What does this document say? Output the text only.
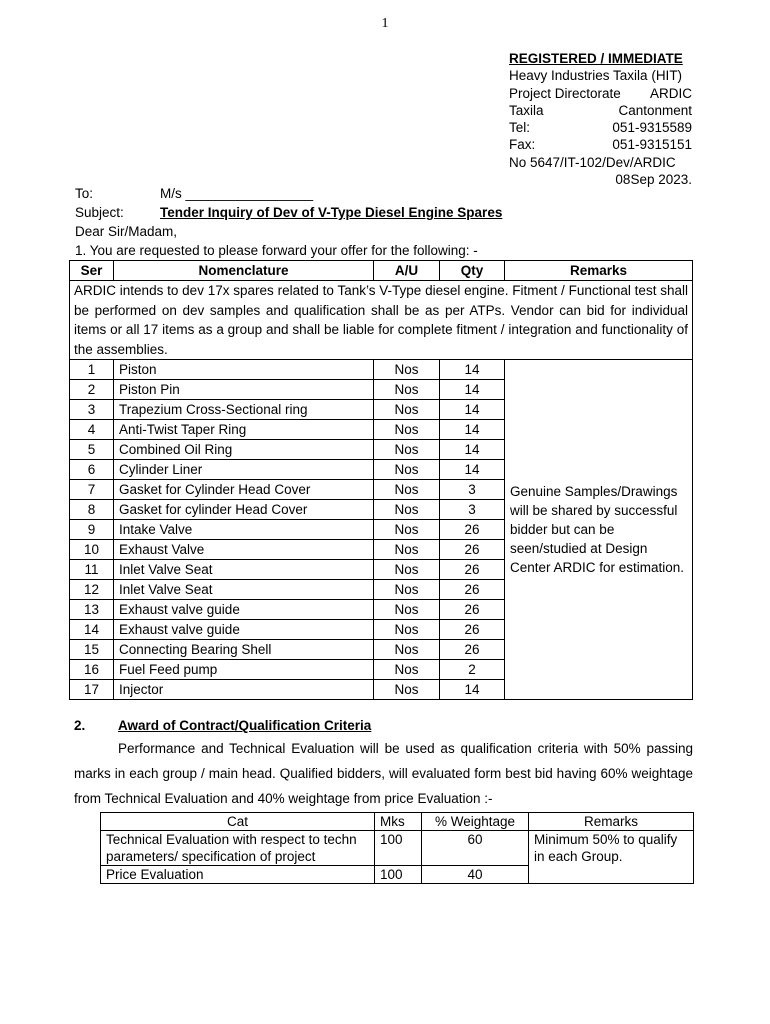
1
REGISTERED / IMMEDIATE
Heavy Industries Taxila (HIT)
Project Directorate ARDIC
Taxila	Cantonment
Tel:	051-9315589
Fax:	051-9315151
No 5647/IT-102/Dev/ARDIC
08Sep 2023.
To:	M/s _________________
Subject:	Tender Inquiry of Dev of V-Type Diesel Engine Spares
Dear Sir/Madam,
1. You are requested to please forward your offer for the following: -
Ser	Nomenclature	A/U	Qty	Remarks
ARDIC intends to dev 17x spares related to Tank’s V-Type diesel engine. Fitment / Functional test shall be performed on dev samples and qualification shall be as per ATPs. Vendor can bid for individual items or all 17 items as a group and shall be liable for complete fitment / integration and functionality of the assemblies.				
1	Piston	Nos	14	Genuine Samples/Drawings will be shared by successful bidder but can be seen/studied at Design Center ARDIC for estimation.
2	Piston Pin	Nos	14	
3	Trapezium Cross-Sectional ring	Nos	14	
4	Anti-Twist Taper Ring	Nos	14	
5	Combined Oil Ring	Nos	14	
6	Cylinder Liner	Nos	14	
7	Gasket for Cylinder Head Cover	Nos	3	
8	Gasket for cylinder Head Cover	Nos	3	
9	Intake Valve	Nos	26	
10	Exhaust Valve	Nos	26	
11	Inlet Valve Seat	Nos	26	
12	Inlet Valve Seat	Nos	26	
13	Exhaust valve guide	Nos	26	
14	Exhaust valve guide	Nos	26	
15	Connecting Bearing Shell	Nos	26	
16	Fuel Feed pump	Nos	2	
17	Injector	Nos	14	
2. Award of Contract/Qualification Criteria
Performance and Technical Evaluation will be used as qualification criteria with 50% passing marks in each group / main head. Qualified bidders, will evaluated form best bid having 60% weightage from Technical Evaluation and 40% weightage from price Evaluation :-
Cat	Mks	% Weightage	Remarks
Technical Evaluation with respect to techn parameters/ specification of project	100	60	Minimum 50% to qualify in each Group.
Price Evaluation	100	40	
